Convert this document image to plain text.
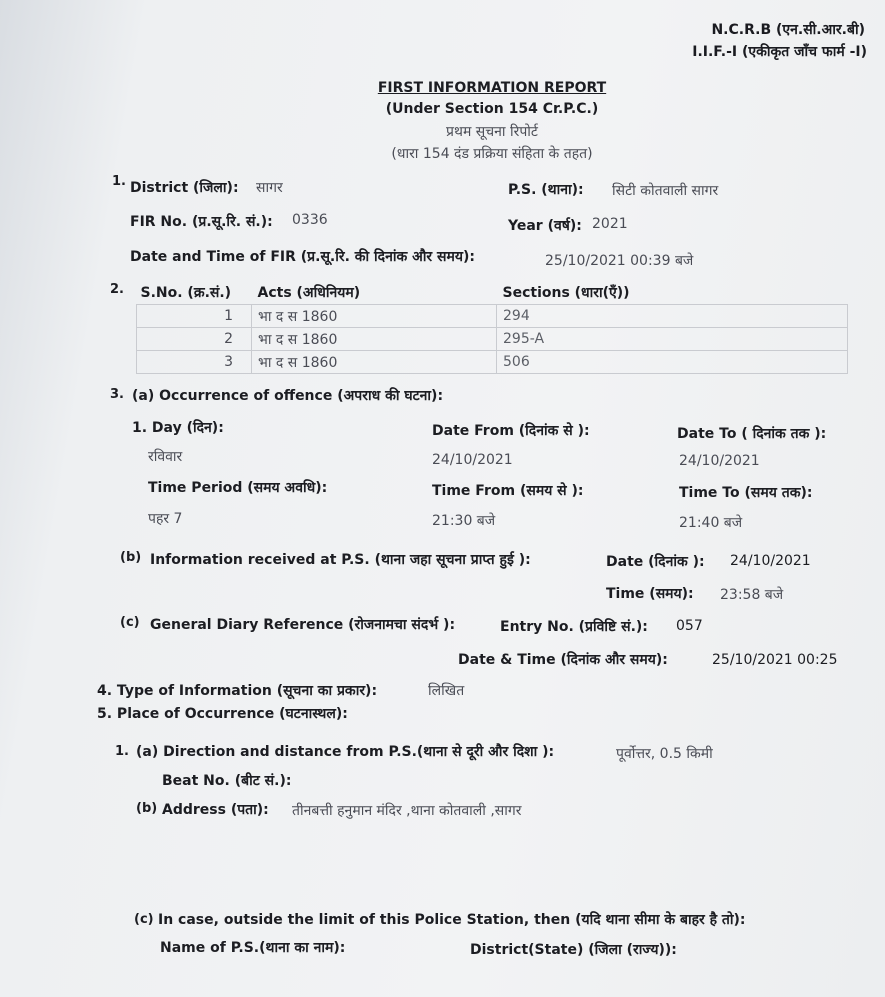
N.C.R.B (एन.सी.आर.बी)
I.I.F.-I (एकीकृत जाँच फार्म -I)
FIRST INFORMATION REPORT
(Under Section 154 Cr.P.C.)
प्रथम सूचना रिपोर्ट
(धारा 154 दंड प्रक्रिया संहिता के तहत)
1. District (जिला): सागर	P.S. (थाना): सिटी कोतवाली सागर
FIR No. (प्र.सू.रि. सं.): 0336	Year (वर्ष): 2021
Date and Time of FIR (प्र.सू.रि. की दिनांक और समय):	25/10/2021 00:39 बजे
2. S.No. (क्र.सं.)	Acts (अधिनियम)	Sections (धारा(एँ))
1	भा द स 1860	294
2	भा द स 1860	295-A
3	भा द स 1860	506
3. (a) Occurrence of offence (अपराध की घटना):
1. Day (दिन):
रविवार
Date From (दिनांक से ):
24/10/2021
Date To ( दिनांक तक ):
24/10/2021
Time Period (समय अवधि):
पहर 7
Time From (समय से ):
21:30 बजे
Time To (समय तक):
21:40 बजे
(b) Information received at P.S. (थाना जहा सूचना प्राप्त हुई ):	Date (दिनांक ): 24/10/2021
Time (समय): 23:58 बजे
(c) General Diary Reference (रोजनामचा संदर्भ ):	Entry No. (प्रविष्टि सं.): 057
Date & Time (दिनांक और समय):	25/10/2021 00:25
4. Type of Information (सूचना का प्रकार):	लिखित
5. Place of Occurrence (घटनास्थल):
1. (a) Direction and distance from P.S.(थाना से दूरी और दिशा ):	पूर्वोत्तर, 0.5 किमी
Beat No. (बीट सं.):
(b) Address (पता): तीनबत्ती हनुमान मंदिर ,थाना कोतवाली ,सागर
(c) In case, outside the limit of this Police Station, then (यदि थाना सीमा के बाहर है तो):
Name of P.S.(थाना का नाम):	District(State) (जिला (राज्य)):
